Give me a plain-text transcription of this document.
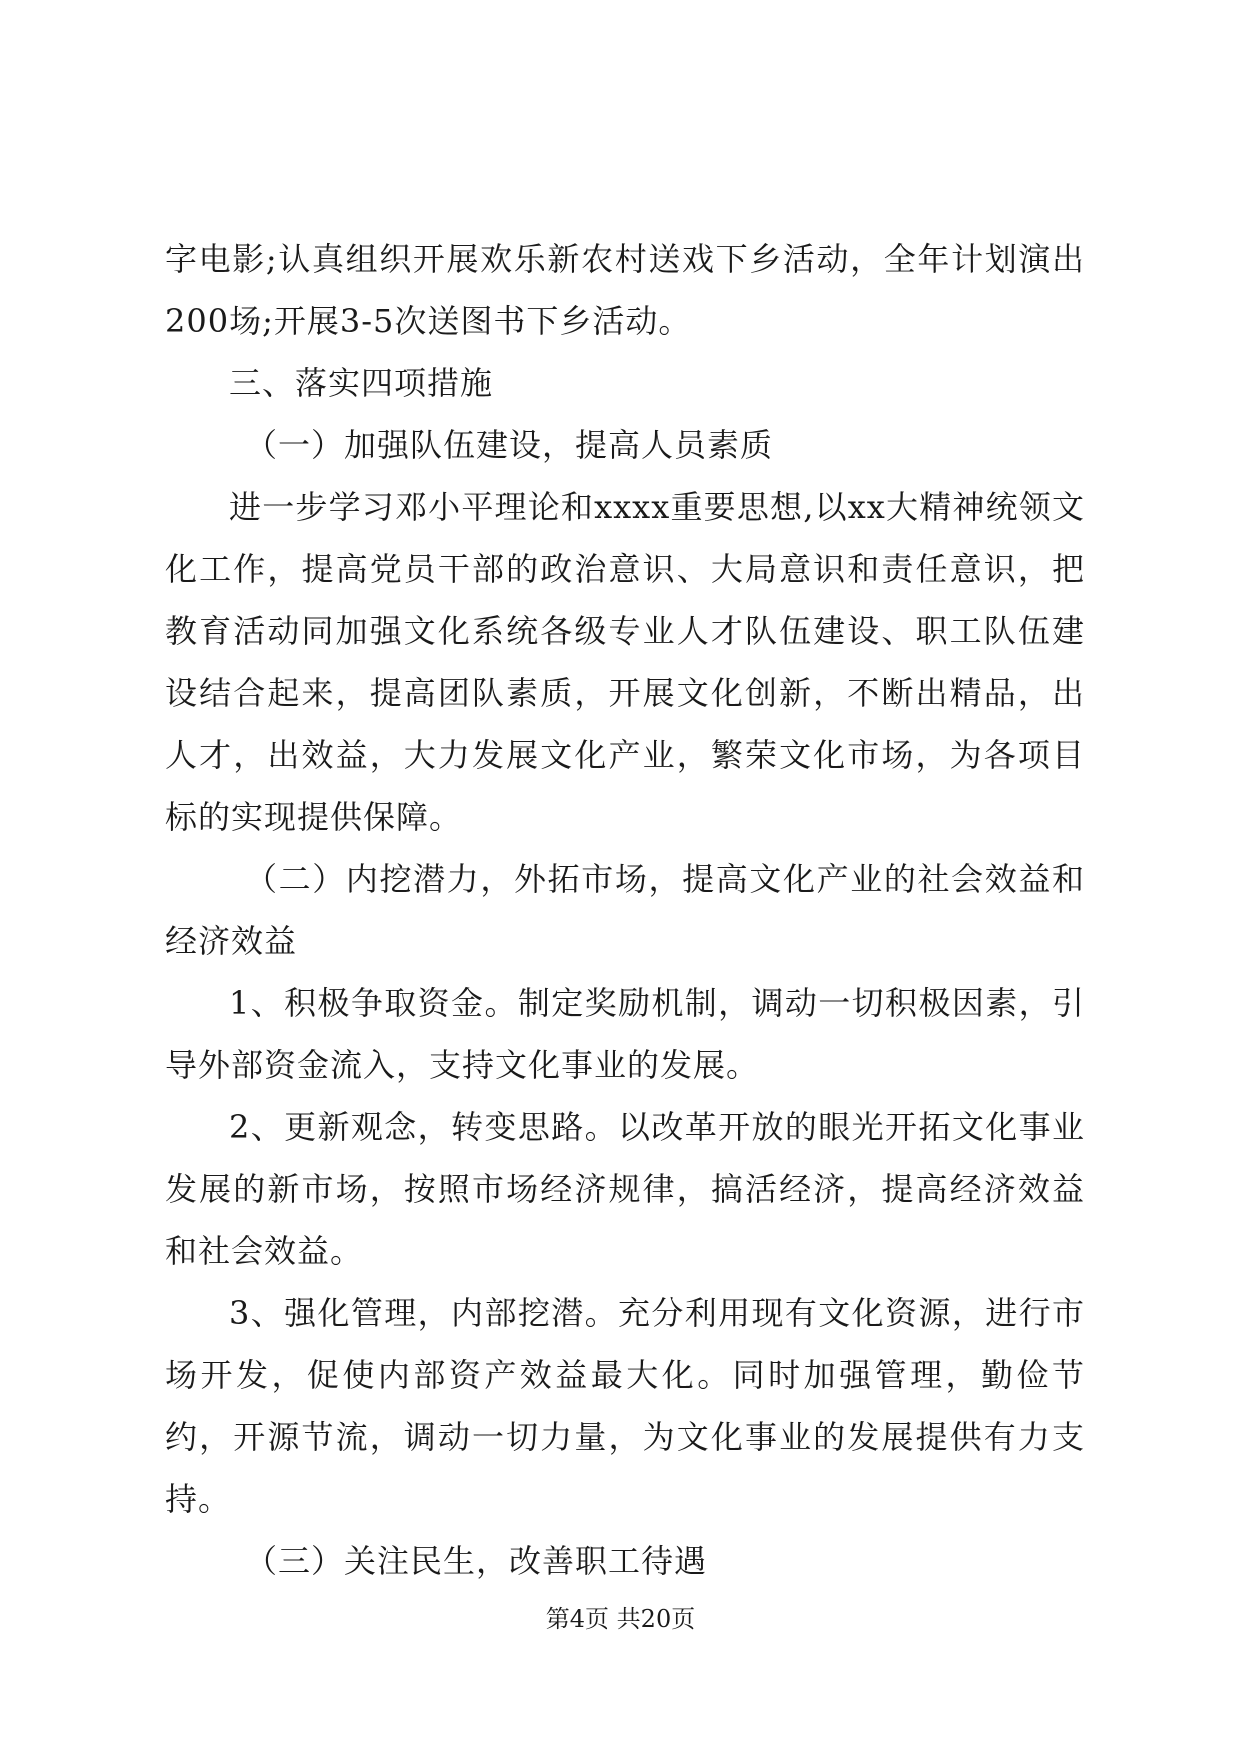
字电影;认真组织开展欢乐新农村送戏下乡活动，全年计划演出200场;开展3-5次送图书下乡活动。

三、落实四项措施

（一）加强队伍建设，提高人员素质

进一步学习邓小平理论和xxxx重要思想,以xx大精神统领文化工作，提高党员干部的政治意识、大局意识和责任意识，把教育活动同加强文化系统各级专业人才队伍建设、职工队伍建设结合起来，提高团队素质，开展文化创新，不断出精品，出人才，出效益，大力发展文化产业，繁荣文化市场，为各项目标的实现提供保障。

（二）内挖潜力，外拓市场，提高文化产业的社会效益和经济效益

1、积极争取资金。制定奖励机制，调动一切积极因素，引导外部资金流入，支持文化事业的发展。

2、更新观念，转变思路。以改革开放的眼光开拓文化事业发展的新市场，按照市场经济规律，搞活经济，提高经济效益和社会效益。

3、强化管理，内部挖潜。充分利用现有文化资源，进行市场开发，促使内部资产效益最大化。同时加强管理，勤俭节约，开源节流，调动一切力量，为文化事业的发展提供有力支持。

（三）关注民生，改善职工待遇

第4页 共20页
